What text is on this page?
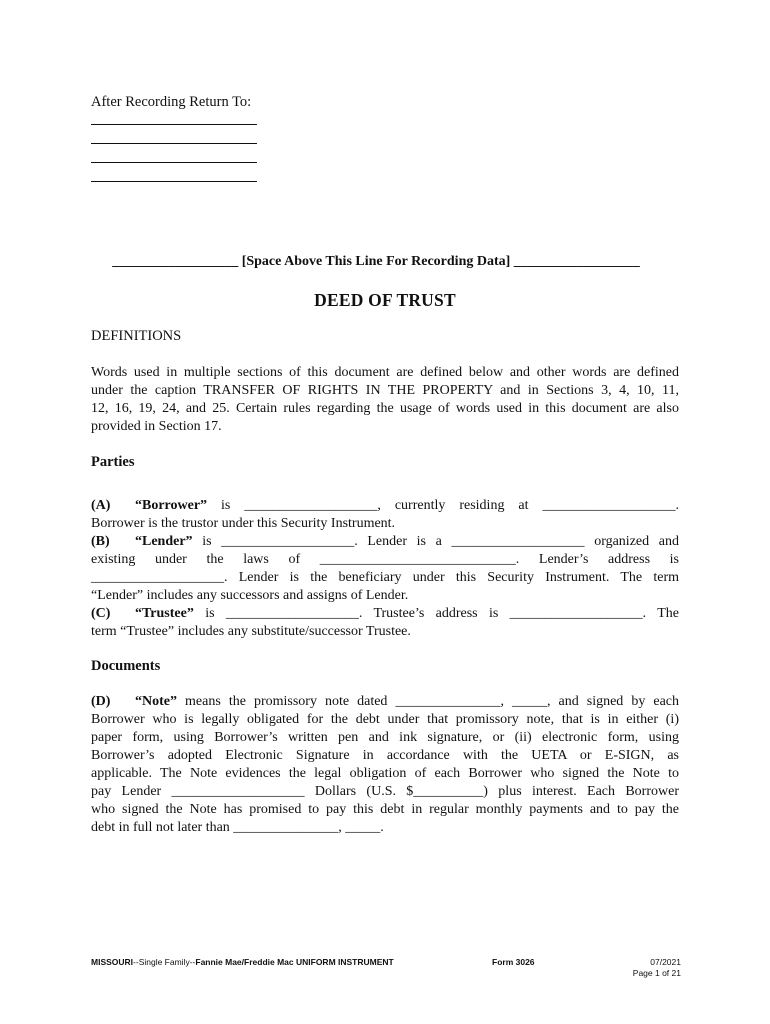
After Recording Return To:
__________________ [Space Above This Line For Recording Data] __________________
DEED OF TRUST
DEFINITIONS
Words used in multiple sections of this document are defined below and other words are defined
under the caption TRANSFER OF RIGHTS IN THE PROPERTY and in Sections 3, 4, 10, 11,
12, 16, 19, 24, and 25. Certain rules regarding the usage of words used in this document are also
provided in Section 17.
Parties
(A) “Borrower” is ___________________, currently residing at ___________________.
Borrower is the trustor under this Security Instrument.
(B) “Lender” is ___________________. Lender is a ___________________ organized and
existing under the laws of ____________________________. Lender’s address is
___________________. Lender is the beneficiary under this Security Instrument. The term
“Lender” includes any successors and assigns of Lender.
(C) “Trustee” is ___________________. Trustee’s address is ___________________. The
term “Trustee” includes any substitute/successor Trustee.
Documents
(D) “Note” means the promissory note dated _______________, _____, and signed by each
Borrower who is legally obligated for the debt under that promissory note, that is in either (i)
paper form, using Borrower’s written pen and ink signature, or (ii) electronic form, using
Borrower’s adopted Electronic Signature in accordance with the UETA or E-SIGN, as
applicable. The Note evidences the legal obligation of each Borrower who signed the Note to
pay Lender ___________________ Dollars (U.S. $__________) plus interest. Each Borrower
who signed the Note has promised to pay this debt in regular monthly payments and to pay the
debt in full not later than _______________, _____.
MISSOURI--Single Family--Fannie Mae/Freddie Mac UNIFORM INSTRUMENT	Form 3026	07/2021
Page 1 of 21
